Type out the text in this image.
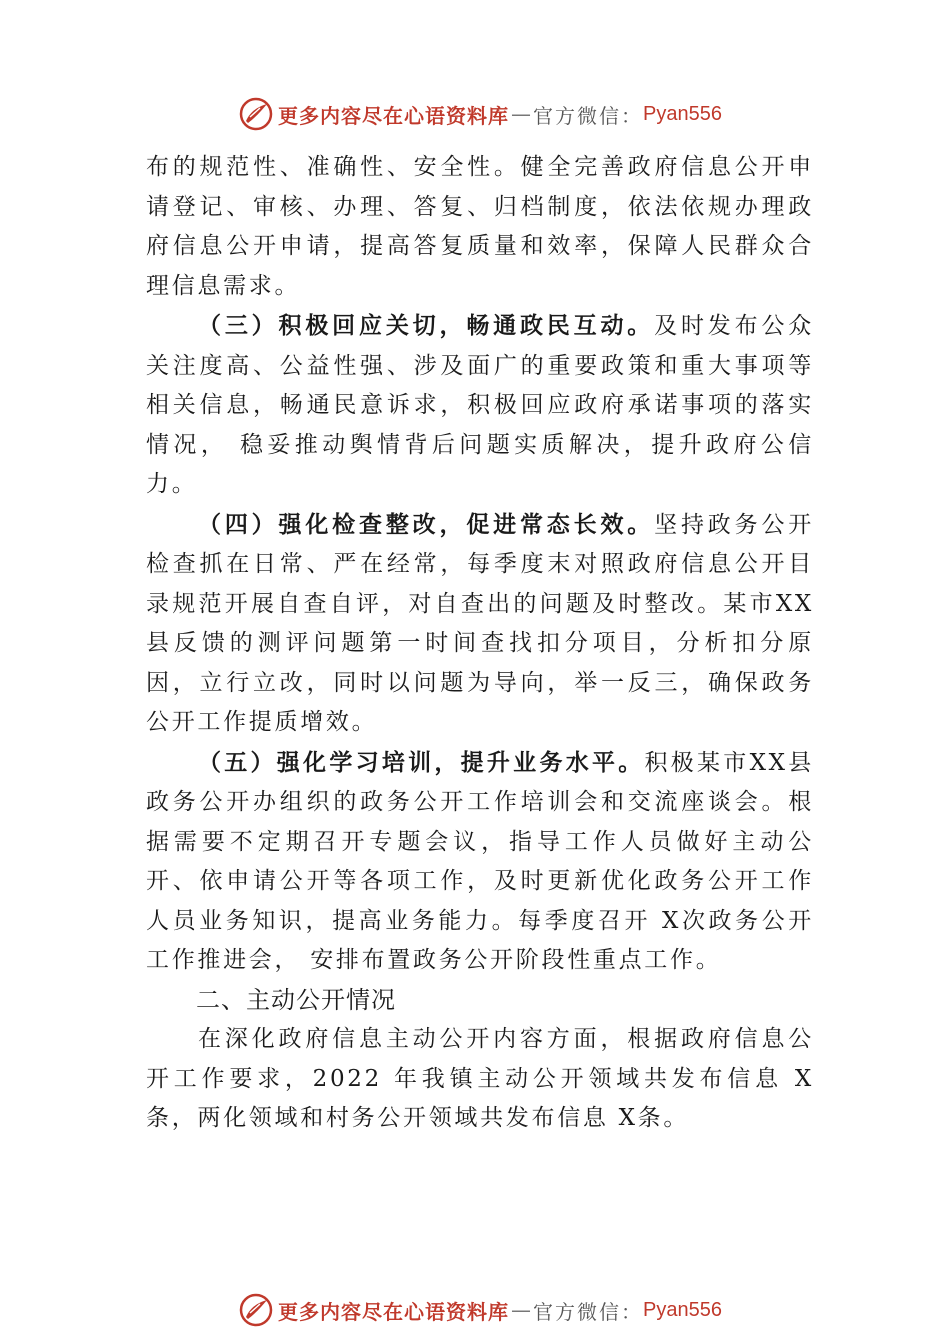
更多内容尽在心语资料库 — 官方微信： Pyan556

布的规范性、准确性、安全性。健全完善政府信息公开申请登记、审核、办理、答复、归档制度，依法依规办理政府信息公开申请，提高答复质量和效率，保障人民群众合理信息需求。

（三）积极回应关切，畅通政民互动。及时发布公众关注度高、公益性强、涉及面广的重要政策和重大事项等相关信息，畅通民意诉求，积极回应政府承诺事项的落实情况， 稳妥推动舆情背后问题实质解决，提升政府公信力。

（四）强化检查整改，促进常态长效。坚持政务公开检查抓在日常、严在经常，每季度末对照政府信息公开目录规范开展自查自评，对自查出的问题及时整改。某市XX县反馈的测评问题第一时间查找扣分项目，分析扣分原因，立行立改，同时以问题为导向，举一反三，确保政务公开工作提质增效。

（五）强化学习培训，提升业务水平。积极某市XX县政务公开办组织的政务公开工作培训会和交流座谈会。根据需要不定期召开专题会议，指导工作人员做好主动公开、依申请公开等各项工作，及时更新优化政务公开工作人员业务知识，提高业务能力。每季度召开 X次政务公开工作推进会， 安排布置政务公开阶段性重点工作。

二、主动公开情况

在深化政府信息主动公开内容方面，根据政府信息公开工作要求，2022 年我镇主动公开领域共发布信息 X条，两化领域和村务公开领域共发布信息 X条。

更多内容尽在心语资料库 — 官方微信： Pyan556
